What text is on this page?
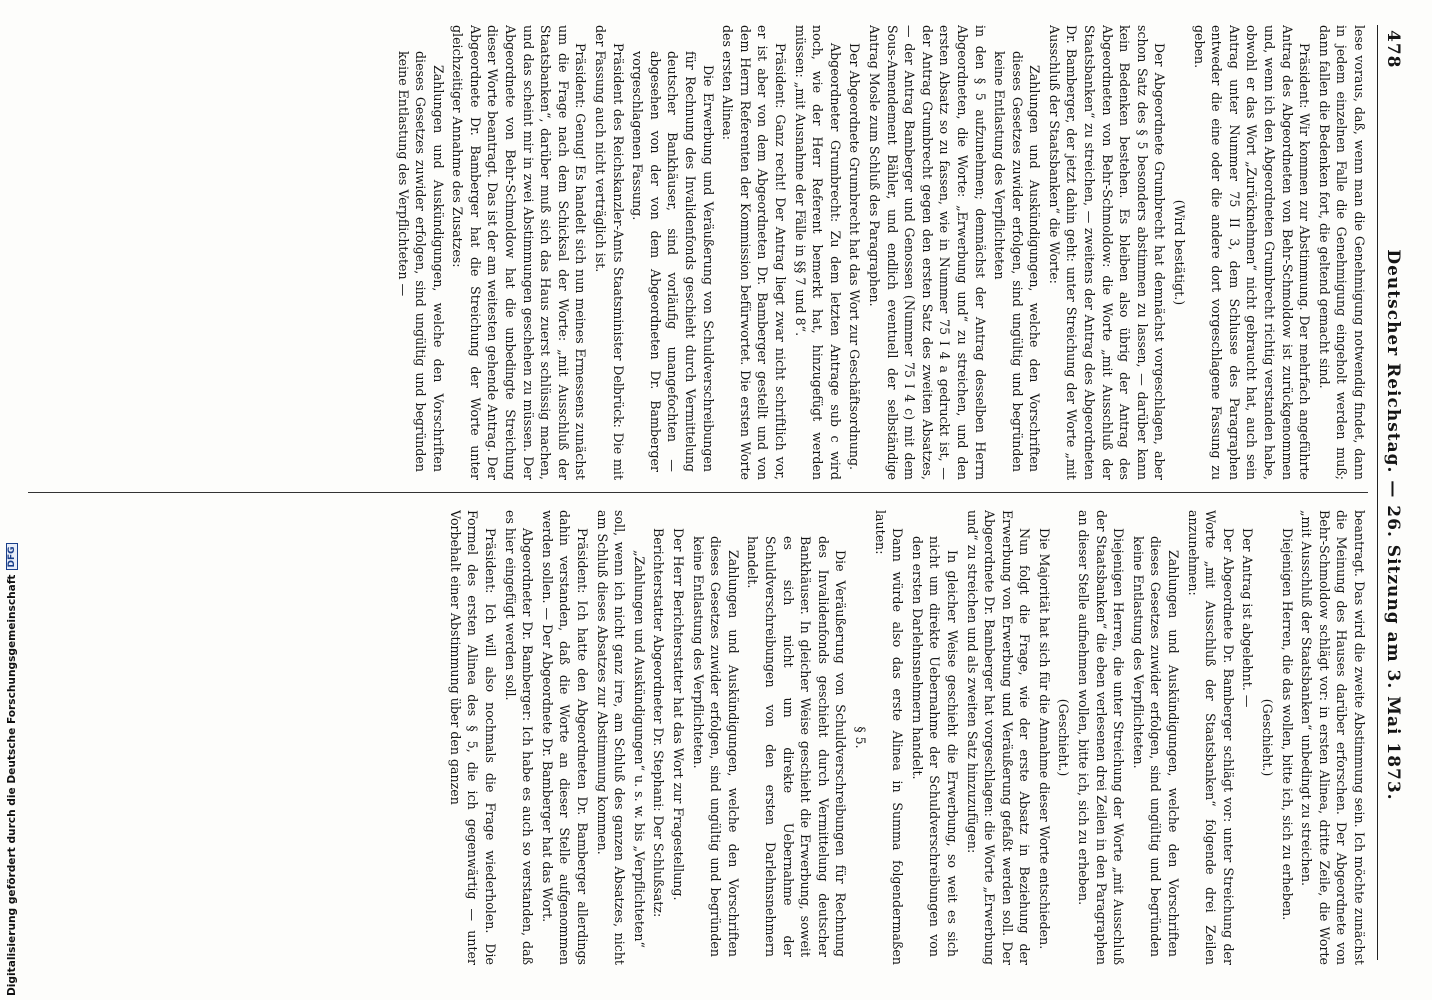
478
Deutscher Reichstag. — 26. Sitzung am 3. Mai 1873.

lese voraus, daß, wenn man die Genehmigung notwendig findet, dann in jedem einzelnen Falle die Genehmigung eingeholt werden muß; dann fallen die Bedenken fort, die geltend gemacht sind.

Präsident: Wir kommen zur Abstimmung. Der mehrfach angeführte Antrag des Abgeordneten von Behr-Schmoldow ist zurückgenommen und, wenn ich den Abgeordneten Grumbrecht richtig verstanden habe, obwohl er das Wort „Zurücknehmen“ nicht gebraucht hat, auch sein Antrag unter Nummer 75 II 3, dem Schlusse des Paragraphen entweder die eine oder die andere dort vorgeschlagene Fassung zu geben.

(Wird bestätigt.)

Der Abgeordnete Grumbrecht hat demnächst vorgeschlagen, aber schon Satz des § 5 besonders abstimmen zu lassen, — darüber kann kein Bedenken bestehen. Es bleiben also übrig der Antrag des Abgeordneten von Behr-Schmoldow: die Worte „mit Ausschluß der Staatsbanken“ zu streichen, — zweitens der Antrag des Abgeordneten Dr. Bamberger, der jetzt dahin geht: unter Streichung der Worte „mit Ausschluß der Staatsbanken“ die Worte:

Zahlungen und Auskündigungen, welche den Vorschriften dieses Gesetzes zuwider erfolgen, sind ungültig und begründen keine Entlastung des Verpflichteten

in den § 5 aufzunehmen; demnächst der Antrag desselben Herrn Abgeordneten, die Worte: „Erwerbung und“ zu streichen, und den ersten Absatz so zu fassen, wie in Nummer 75 I 4 a gedruckt ist, — der Antrag Grumbrecht gegen den ersten Satz des zweiten Absatzes, — der Antrag Bamberger und Genossen (Nummer 75 I 4 c) mit dem Sous-Amendement Bähler, und endlich eventuell der selbständige Antrag Mosle zum Schluß des Paragraphen.

Der Abgeordnete Grumbrecht hat das Wort zur Geschäftsordnung.

Abgeordneter Grumbrecht: Zu dem letzten Antrage sub c wird noch, wie der Herr Referent bemerkt hat, hinzugefügt werden müssen: „mit Ausnahme der Fälle in §§ 7 und 8“.

Präsident: Ganz recht! Der Antrag liegt zwar nicht schriftlich vor, er ist aber von dem Abgeordneten Dr. Bamberger gestellt und von dem Herrn Referenten der Kommission befürwortet. Die ersten Worte des ersten Alinea:

Die Erwerbung und Veräußerung von Schuldverschreibungen für Rechnung des Invalidenfonds geschieht durch Vermittelung deutscher Bankhäuser, sind vorläufig unangefochten — abgesehen von der von dem Abgeordneten Dr. Bamberger vorgeschlagenen Fassung.

Präsident des Reichskanzler-Amts Staatsminister Delbrück: Die mit der Fassung auch nicht verträglich ist.

Präsident: Genug! Es handelt sich nun meines Ermessens zunächst um die Frage nach dem Schicksal der Worte: „mit Ausschluß der Staatsbanken“, darüber muß sich das Haus zuerst schlüssig machen, und das scheint mir in zwei Abstimmungen geschehen zu müssen. Der Abgeordnete von Behr-Schmoldow hat die unbedingte Streichung dieser Worte beantragt. Das ist der am weitesten gehende Antrag. Der Abgeordnete Dr. Bamberger hat die Streichung der Worte unter gleichzeitiger Annahme des Zusatzes:

Zahlungen und Auskündigungen, welche den Vorschriften dieses Gesetzes zuwider erfolgen, sind ungültig und begründen keine Entlastung des Verpflichteten —

beantragt. Das wird die zweite Abstimmung sein. Ich möchte zunächst die Meinung des Hauses darüber erforschen. Der Abgeordnete von Behr-Schmoldow schlägt vor: in ersten Alinea, dritte Zeile, die Worte „mit Ausschluß der Staatsbanken“ unbedingt zu streichen.

Diejenigen Herren, die das wollen, bitte ich, sich zu erheben.

(Geschieht.)

Der Antrag ist abgelehnt. —

Der Abgeordnete Dr. Bamberger schlägt vor: unter Streichung der Worte „mit Ausschluß der Staatsbanken“ folgende drei Zeilen anzunehmen:

Zahlungen und Auskündigungen, welche den Vorschriften dieses Gesetzes zuwider erfolgen, sind ungültig und begründen keine Entlastung des Verpflichteten.

Diejenigen Herren, die unter Streichung der Worte „mit Ausschluß der Staatsbanken“ die eben verlesenen drei Zeilen in den Paragraphen an dieser Stelle aufnehmen wollen, bitte ich, sich zu erheben.

(Geschieht.)

Die Majorität hat sich für die Annahme dieser Worte entschieden.

Nun folgt die Frage, wie der erste Absatz in Beziehung der Erwerbung von Erwerbung und Veräußerung gefaßt werden soll. Der Abgeordnete Dr. Bamberger hat vorgeschlagen: die Worte „Erwerbung und“ zu streichen und als zweiten Satz hinzuzufügen:

In gleicher Weise geschieht die Erwerbung, so weit es sich nicht um direkte Uebernahme der Schuldverschreibungen von den ersten Darlehnsnehmern handelt.

Dann würde also das erste Alinea in Summa folgendermaßen lauten:

§ 5.

Die Veräußerung von Schuldverschreibungen für Rechnung des Invalidenfonds geschieht durch Vermittelung deutscher Bankhäuser. In gleicher Weise geschieht die Erwerbung, soweit es sich nicht um direkte Uebernahme der Schuldverschreibungen von den ersten Darlehnsnehmern handelt.

Zahlungen und Auskündigungen, welche den Vorschriften dieses Gesetzes zuwider erfolgen, sind ungültig und begründen keine Entlastung des Verpflichteten.

Der Herr Berichterstatter hat das Wort zur Fragestellung.

Berichterstatter Abgeordneter Dr. Stephani: Der Schlußsatz:

„Zahlungen und Auskündigungen“ u. s. w. bis „Verpflichteten“

soll, wenn ich nicht ganz irre, am Schluß des ganzen Absatzes, nicht am Schluß dieses Absatzes zur Abstimmung kommen.

Präsident: Ich hatte den Abgeordneten Dr. Bamberger allerdings dahin verstanden, daß die Worte an dieser Stelle aufgenommen werden sollen. — Der Abgeordnete Dr. Bamberger hat das Wort.

Abgeordneter Dr. Bamberger: Ich habe es auch so verstanden, daß es hier eingefügt werden soll.

Präsident: Ich will also nochmals die Frage wiederholen. Die Formel des ersten Alinea des § 5, die ich gegenwärtig — unter Vorbehalt einer Abstimmung über den ganzen

Digitalisierung gefördert durch die Deutsche Forschungsgemeinschaft
DFG
